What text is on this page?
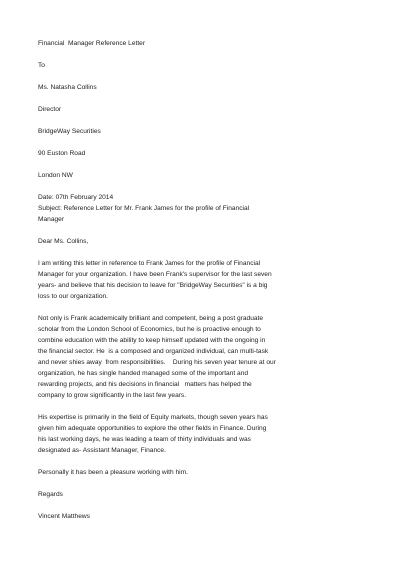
Financial  Manager Reference Letter

To

Ms. Natasha Collins

Director

BridgeWay Securities

90 Euston Road

London NW

Date: 07th February 2014

Subject: Reference Letter for Mr. Frank James for the profile of Financial Manager

Dear Ms. Collins,

I am writing this letter in reference to Frank James for the profile of Financial Manager for your organization. I have been Frank's supervisor for the last seven years- and believe that his decision to leave for "BridgeWay Securities" is a big loss to our organization.

Not only is Frank academically brilliant and competent, being a post graduate scholar from the London School of Economics, but he is proactive enough to combine education with the ability to keep himself updated with the ongoing in the financial sector. He  is a composed and organized individual, can multi-task and never shies away  from responsibilities.    During his seven year tenure at our organization, he has single handed managed some of the important and rewarding projects, and his decisions in financial   matters has helped the company to grow significantly in the last few years.

His expertise is primarily in the field of Equity markets, though seven years has given him adequate opportunities to explore the other fields in Finance. During his last working days, he was leading a team of thirty individuals and was designated as- Assistant Manager, Finance.

Personally it has been a pleasure working with him.

Regards

Vincent Matthews
